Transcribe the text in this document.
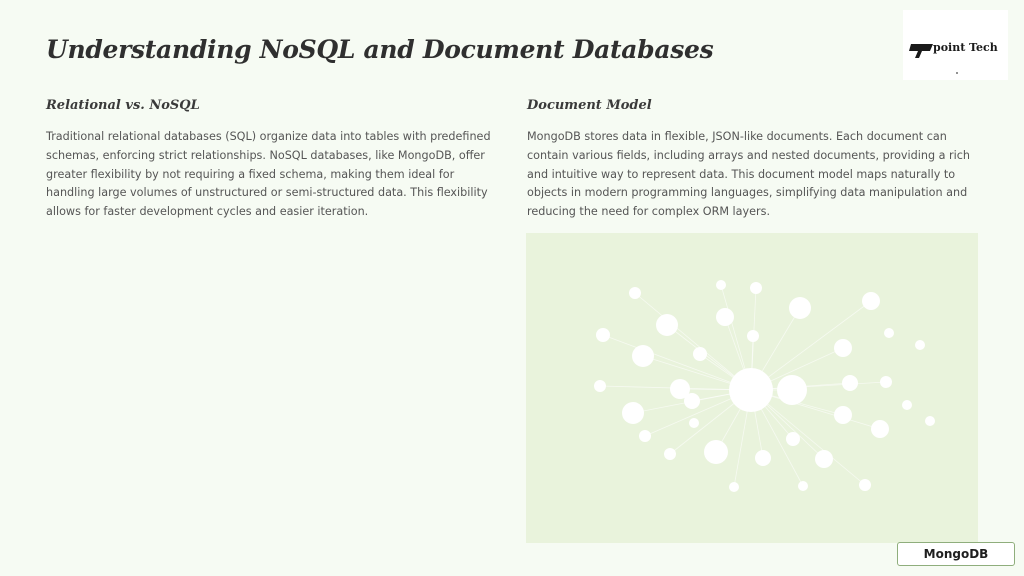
Understanding NoSQL and Document Databases	point Tech
Relational vs. NoSQL

Traditional relational databases (SQL) organize data into tables with predefined schemas, enforcing strict relationships. NoSQL databases, like MongoDB, offer greater flexibility by not requiring a fixed schema, making them ideal for handling large volumes of unstructured or semi-structured data. This flexibility allows for faster development cycles and easier iteration.

Document Model

MongoDB stores data in flexible, JSON-like documents. Each document can contain various fields, including arrays and nested documents, providing a rich and intuitive way to represent data. This document model maps naturally to objects in modern programming languages, simplifying data manipulation and reducing the need for complex ORM layers.

MongoDB
